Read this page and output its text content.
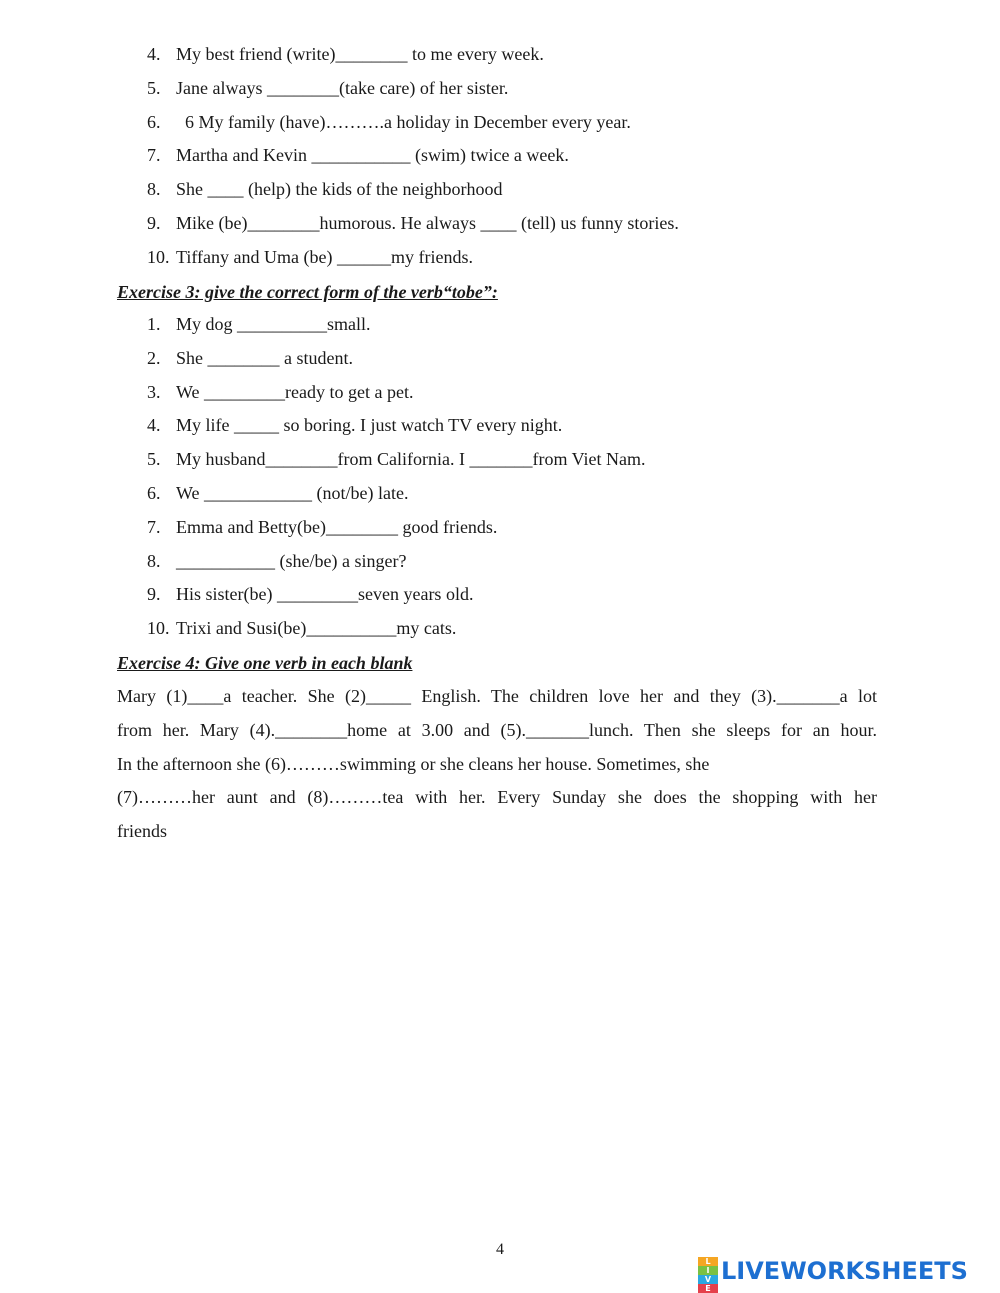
4. My best friend (write)________ to me every week.
5. Jane always ________(take care) of her sister.
6. 6 My family (have)……….a holiday in December every year.
7. Martha and Kevin ___________ (swim) twice a week.
8. She ____ (help) the kids of the neighborhood
9. Mike (be)________humorous. He always ____ (tell) us funny stories.
10. Tiffany and Uma (be) ______my friends.
Exercise 3: give the correct form of the verb“tobe”:
1. My dog __________small.
2. She ________ a student.
3. We _________ready to get a pet.
4. My life _____ so boring. I just watch TV every night.
5. My husband________from California. I _______from Viet Nam.
6. We ____________ (not/be) late.
7. Emma and Betty(be)________ good friends.
8. ___________ (she/be) a singer?
9. His sister(be) _________seven years old.
10. Trixi and Susi(be)__________my cats.
Exercise 4: Give one verb in each blank
Mary (1)____a teacher. She (2)_____ English. The children love her and they (3)._______a lot
from her. Mary (4).________home at 3.00 and (5)._______lunch. Then she sleeps for an hour.
In the afternoon she (6)………swimming or she cleans her house. Sometimes, she
(7)………her aunt and (8)………tea with her. Every Sunday she does the shopping with her
friends
4
L
I
V
E
LIVEWORKSHEETS
